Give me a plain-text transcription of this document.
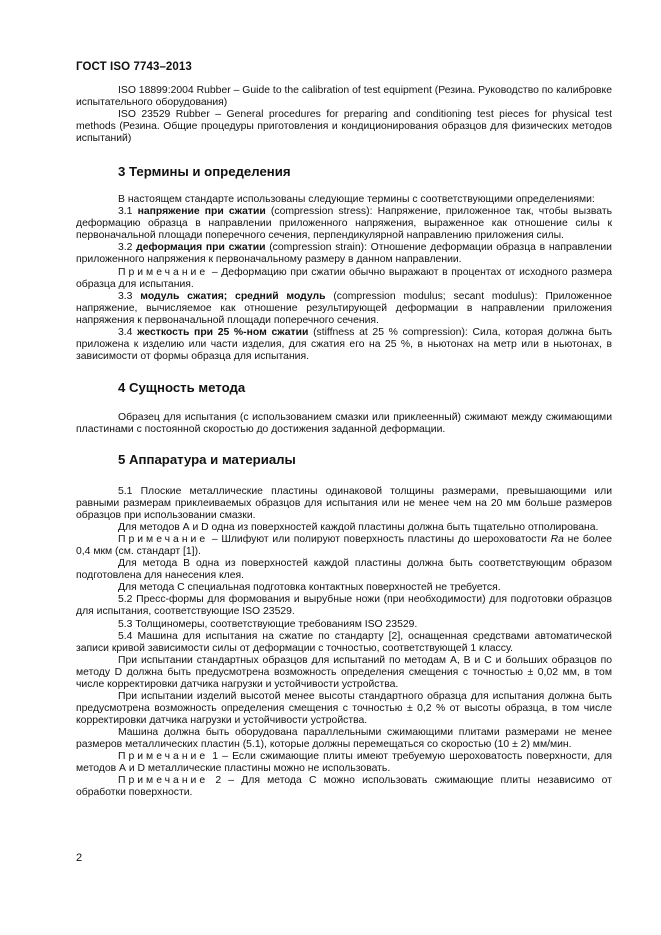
ГОСТ ISO 7743–2013

ISO 18899:2004 Rubber – Guide to the calibration of test equipment (Резина. Руководство по калибровке испытательного оборудования)

ISO 23529 Rubber – General procedures for preparing and conditioning test pieces for physical test methods (Резина. Общие процедуры приготовления и кондиционирования образцов для физических методов испытаний)

3 Термины и определения

В настоящем стандарте использованы следующие термины с соответствующими определениями:

3.1 напряжение при сжатии (compression stress): Напряжение, приложенное так, чтобы вызвать деформацию образца в направлении приложенного напряжения, выраженное как отношение силы к первоначальной площади поперечного сечения, перпендикулярной направлению приложения силы.

3.2 деформация при сжатии (compression strain): Отношение деформации образца в направлении приложенного напряжения к первоначальному размеру в данном направлении.

Примечание – Деформацию при сжатии обычно выражают в процентах от исходного размера образца для испытания.

3.3 модуль сжатия; средний модуль (compression modulus; secant modulus): Приложенное напряжение, вычисляемое как отношение результирующей деформации в направлении приложения напряжения к первоначальной площади поперечного сечения.

3.4 жесткость при 25 %-ном сжатии (stiffness at 25 % compression): Сила, которая должна быть приложена к изделию или части изделия, для сжатия его на 25 %, в ньютонах на метр или в ньютонах, в зависимости от формы образца для испытания.

4 Сущность метода

Образец для испытания (с использованием смазки или приклеенный) сжимают между сжимающими пластинами с постоянной скоростью до достижения заданной деформации.

5 Аппаратура и материалы

5.1 Плоские металлические пластины одинаковой толщины размерами, превышающими или равными размерам приклеиваемых образцов для испытания или не менее чем на 20 мм больше размеров образцов при использовании смазки.

Для методов А и D одна из поверхностей каждой пластины должна быть тщательно отполирована.

Примечание – Шлифуют или полируют поверхность пластины до шероховатости Ra не более 0,4 мкм (см. стандарт [1]).

Для метода В одна из поверхностей каждой пластины должна быть соответствующим образом подготовлена для нанесения клея.

Для метода С специальная подготовка контактных поверхностей не требуется.

5.2 Пресс-формы для формования и вырубные ножи (при необходимости) для подготовки образцов для испытания, соответствующие ISO 23529.

5.3 Толщиномеры, соответствующие требованиям ISO 23529.

5.4 Машина для испытания на сжатие по стандарту [2], оснащенная средствами автоматической записи кривой зависимости силы от деформации с точностью, соответствующей 1 классу.

При испытании стандартных образцов для испытаний по методам А, В и С и больших образцов по методу D должна быть предусмотрена возможность определения смещения с точностью ± 0,02 мм, в том числе корректировки датчика нагрузки и устойчивости устройства.

При испытании изделий высотой менее высоты стандартного образца для испытания должна быть предусмотрена возможность определения смещения с точностью ± 0,2 % от высоты образца, в том числе корректировки датчика нагрузки и устойчивости устройства.

Машина должна быть оборудована параллельными сжимающими плитами размерами не менее размеров металлических пластин (5.1), которые должны перемещаться со скоростью (10 ± 2) мм/мин.

Примечание 1 – Если сжимающие плиты имеют требуемую шероховатость поверхности, для методов А и D металлические пластины можно не использовать.

Примечание 2 – Для метода С можно использовать сжимающие плиты независимо от обработки поверхности.

2
